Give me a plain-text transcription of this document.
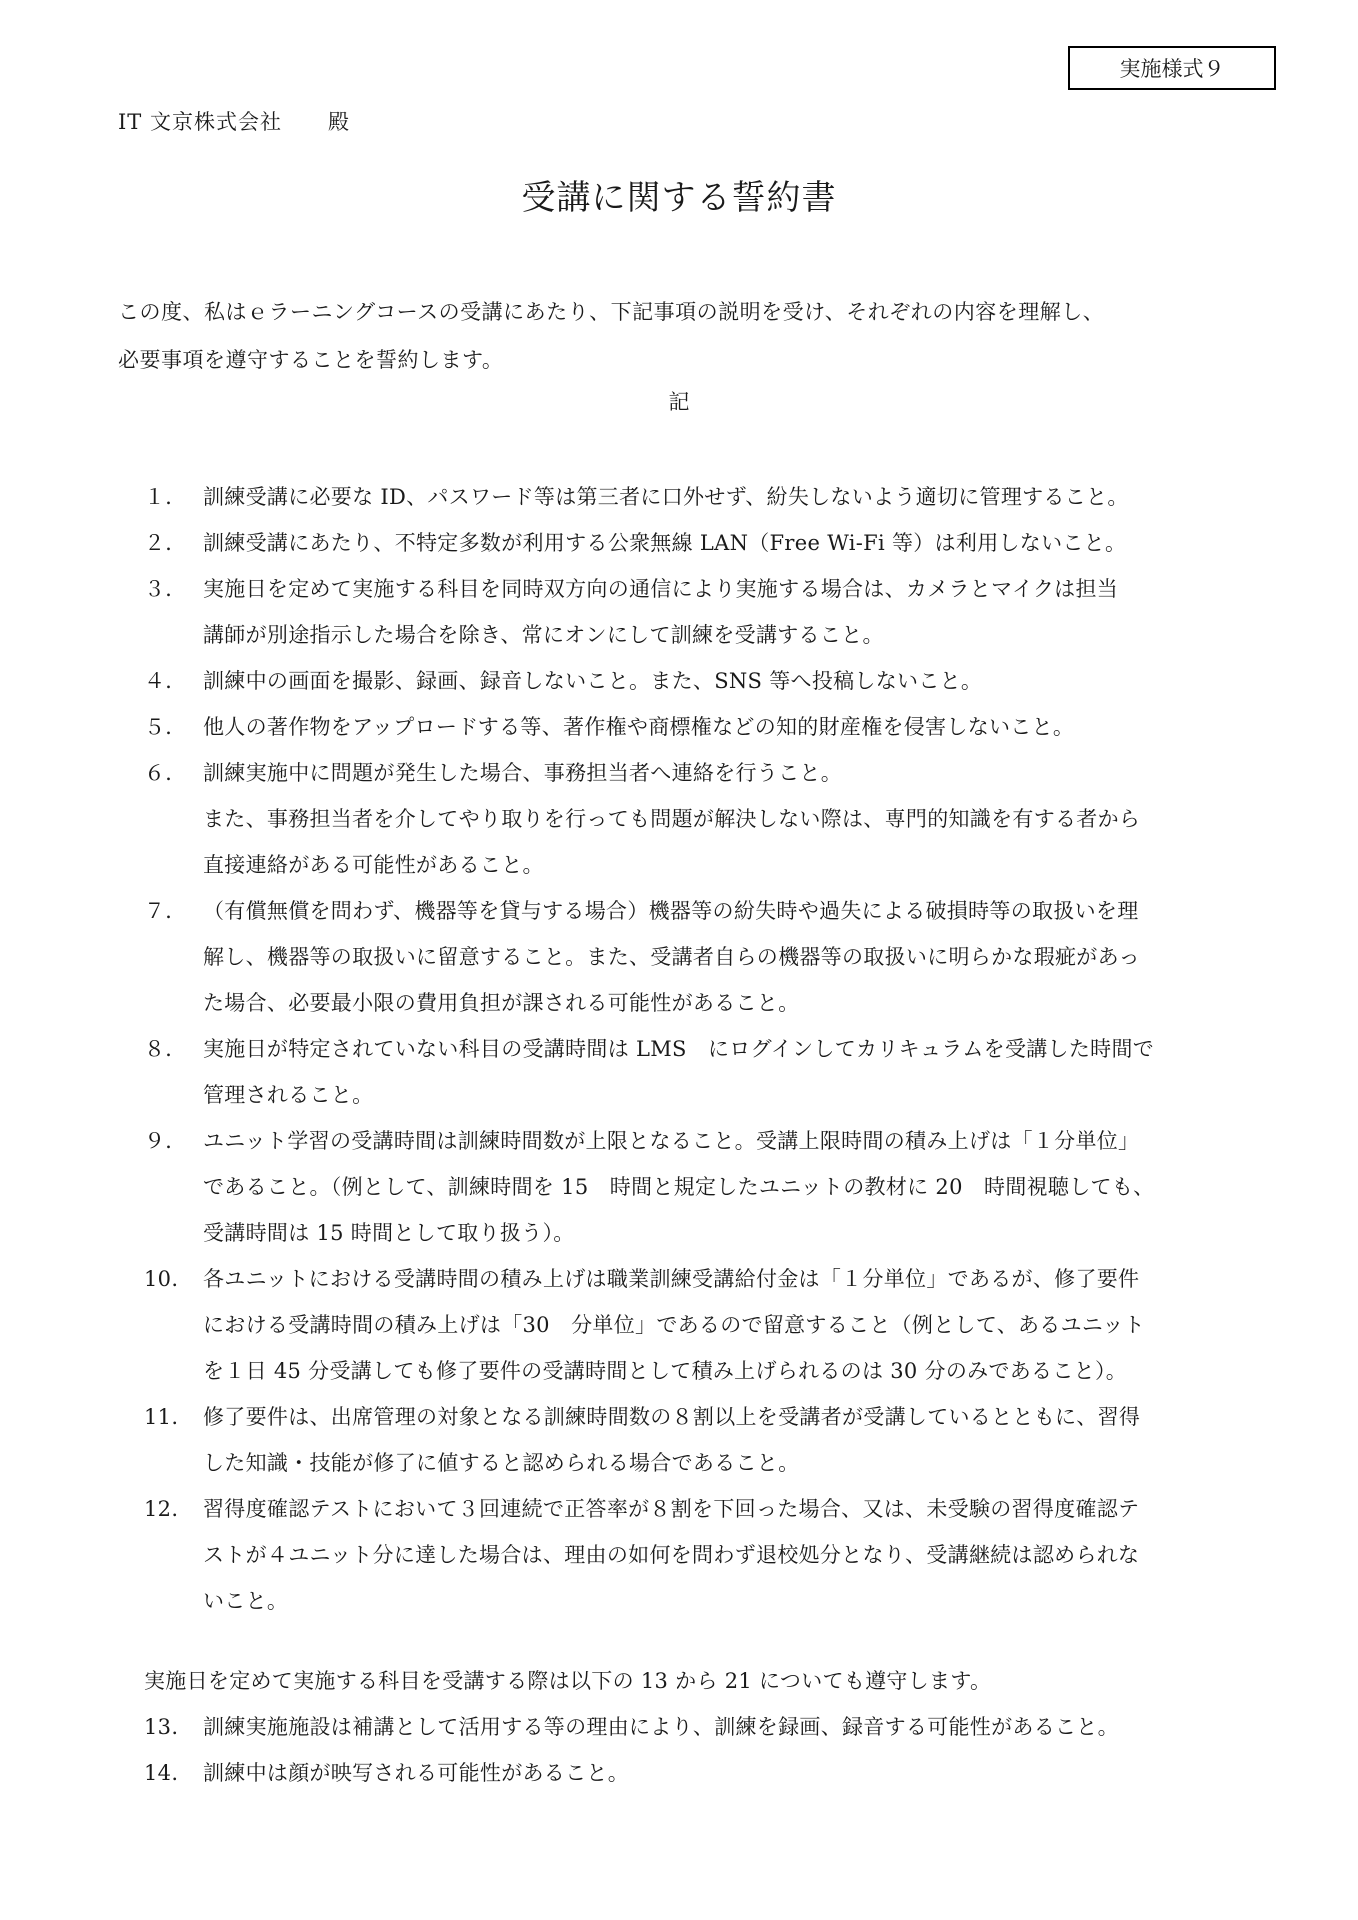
実施様式９
IT 文京株式会社 殿
受講に関する誓約書
この度、私はｅラーニングコースの受講にあたり、下記事項の説明を受け、それぞれの内容を理解し、
必要事項を遵守することを誓約します。
記
１． 訓練受講に必要な ID、パスワード等は第三者に口外せず、紛失しないよう適切に管理すること。
２． 訓練受講にあたり、不特定多数が利用する公衆無線 LAN（Free Wi-Fi 等）は利用しないこと。
３． 実施日を定めて実施する科目を同時双方向の通信により実施する場合は、カメラとマイクは担当
講師が別途指示した場合を除き、常にオンにして訓練を受講すること。
４． 訓練中の画面を撮影、録画、録音しないこと。また、SNS 等へ投稿しないこと。
５． 他人の著作物をアップロードする等、著作権や商標権などの知的財産権を侵害しないこと。
６． 訓練実施中に問題が発生した場合、事務担当者へ連絡を行うこと。
また、事務担当者を介してやり取りを行っても問題が解決しない際は、専門的知識を有する者から
直接連絡がある可能性があること。
７． （有償無償を問わず、機器等を貸与する場合）機器等の紛失時や過失による破損時等の取扱いを理
解し、機器等の取扱いに留意すること。また、受講者自らの機器等の取扱いに明らかな瑕疵があっ
た場合、必要最小限の費用負担が課される可能性があること。
８． 実施日が特定されていない科目の受講時間は LMS　にログインしてカリキュラムを受講した時間で
管理されること。
９． ユニット学習の受講時間は訓練時間数が上限となること。受講上限時間の積み上げは「１分単位」
であること。（例として、訓練時間を 15　時間と規定したユニットの教材に 20　時間視聴しても、
受講時間は 15 時間として取り扱う）。
10.	各ユニットにおける受講時間の積み上げは職業訓練受講給付金は「１分単位」であるが、修了要件
における受講時間の積み上げは「30　分単位」であるので留意すること（例として、あるユニット
を１日 45 分受講しても修了要件の受講時間として積み上げられるのは 30 分のみであること）。
11.	修了要件は、出席管理の対象となる訓練時間数の８割以上を受講者が受講しているとともに、習得
した知識・技能が修了に値すると認められる場合であること。
12.	習得度確認テストにおいて３回連続で正答率が８割を下回った場合、又は、未受験の習得度確認テ
ストが４ユニット分に達した場合は、理由の如何を問わず退校処分となり、受講継続は認められな
いこと。
実施日を定めて実施する科目を受講する際は以下の 13 から 21 についても遵守します。
13.	訓練実施施設は補講として活用する等の理由により、訓練を録画、録音する可能性があること。
14.	訓練中は顔が映写される可能性があること。
